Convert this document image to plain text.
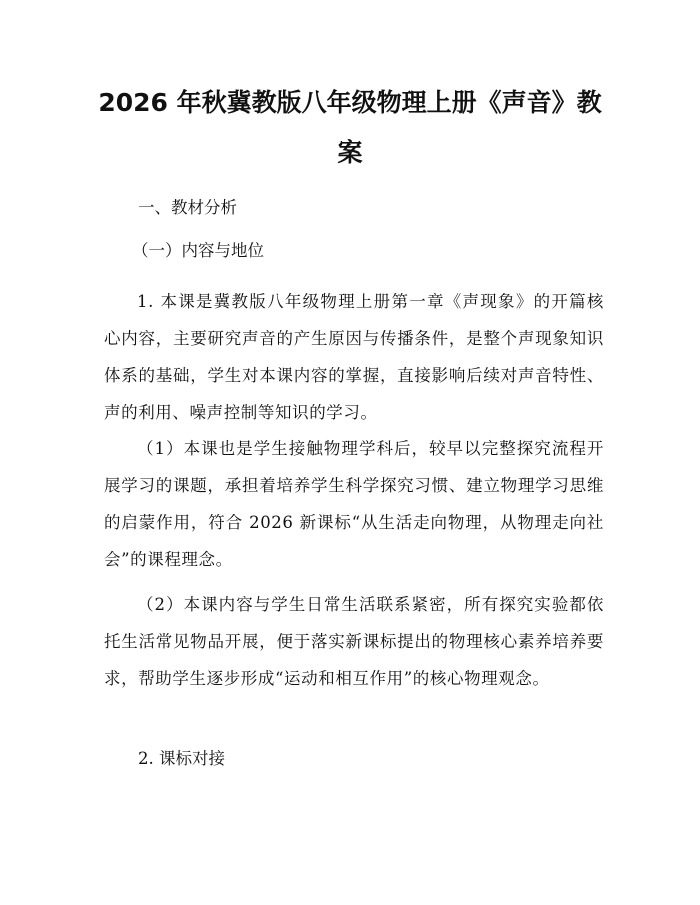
2026 年秋冀教版八年级物理上册《声音》教
案

一、教材分析

（一）内容与地位

1. 本课是冀教版八年级物理上册第一章《声现象》的开篇核心内容，主要研究声音的产生原因与传播条件，是整个声现象知识体系的基础，学生对本课内容的掌握，直接影响后续对声音特性、声的利用、噪声控制等知识的学习。

（1）本课也是学生接触物理学科后，较早以完整探究流程开展学习的课题，承担着培养学生科学探究习惯、建立物理学习思维的启蒙作用，符合 2026 新课标“从生活走向物理，从物理走向社会”的课程理念。

（2）本课内容与学生日常生活联系紧密，所有探究实验都依托生活常见物品开展，便于落实新课标提出的物理核心素养培养要求，帮助学生逐步形成“运动和相互作用”的核心物理观念。

2. 课标对接
